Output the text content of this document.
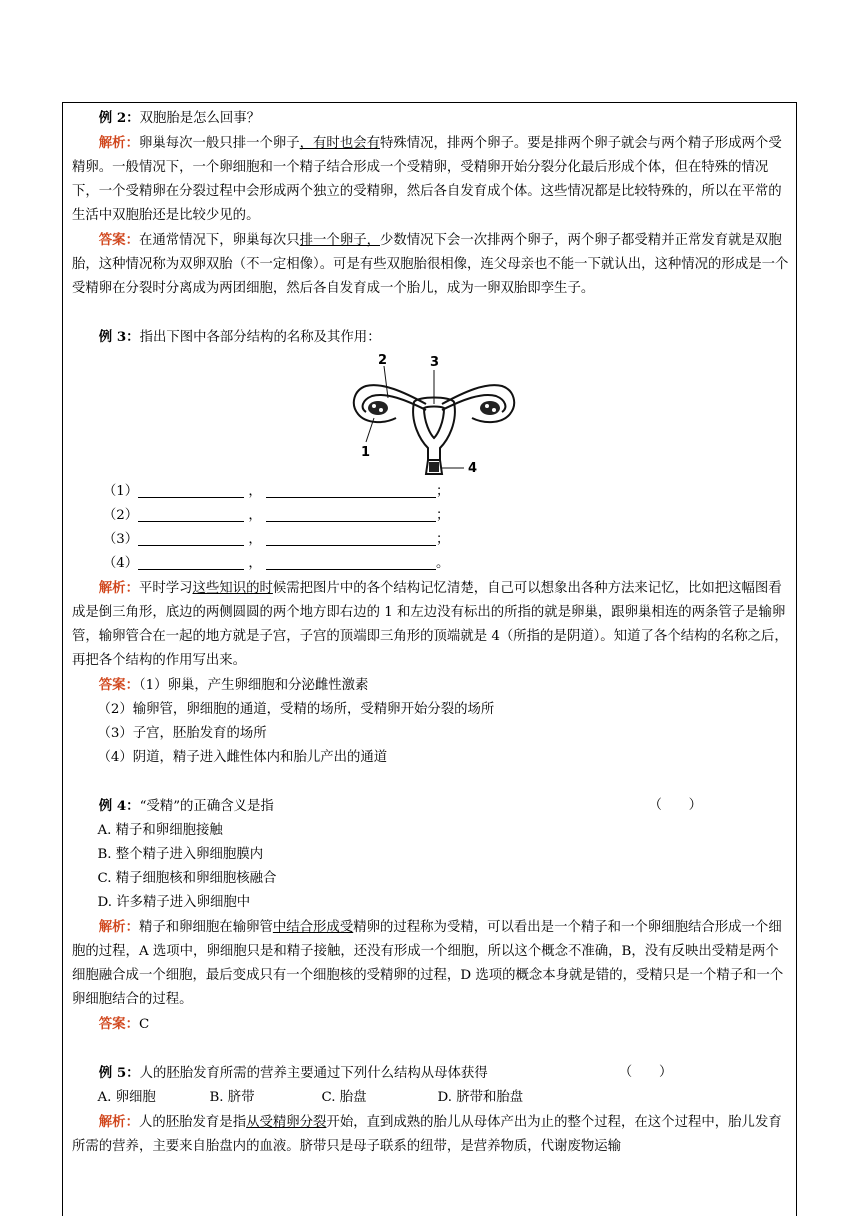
例 2：双胞胎是怎么回事？

解析：卵巢每次一般只排一个卵子，有时也会有特殊情况，排两个卵子。要是排两个卵子就会与两个精子形成两个受精卵。一般情况下，一个卵细胞和一个精子结合形成一个受精卵，受精卵开始分裂分化最后形成个体，但在特殊的情况下，一个受精卵在分裂过程中会形成两个独立的受精卵，然后各自发育成个体。这些情况都是比较特殊的，所以在平常的生活中双胞胎还是比较少见的。

答案：在通常情况下，卵巢每次只排一个卵子，少数情况下会一次排两个卵子，两个卵子都受精并正常发育就是双胞胎，这种情况称为双卵双胎（不一定相像）。可是有些双胞胎很相像，连父母亲也不能一下就认出，这种情况的形成是一个受精卵在分裂时分离成为两团细胞，然后各自发育成一个胎儿，成为一卵双胎即孪生子。

例 3：指出下图中各部分结构的名称及其作用：

1
2	3
4

（1）	，	；

（2）	，	；

（3）	，	；

（4）	，	。

解析：平时学习这些知识的时候需把图片中的各个结构记忆清楚，自己可以想象出各种方法来记忆，比如把这幅图看成是倒三角形，底边的两侧圆圆的两个地方即右边的 1 和左边没有标出的所指的就是卵巢，跟卵巢相连的两条管子是输卵管，输卵管合在一起的地方就是子宫，子宫的顶端即三角形的顶端就是 4（所指的是阴道）。知道了各个结构的名称之后，再把各个结构的作用写出来。

答案：（1）卵巢，产生卵细胞和分泌雌性激素

（2）输卵管，卵细胞的通道，受精的场所，受精卵开始分裂的场所

（3）子宫，胚胎发育的场所

（4）阴道，精子进入雌性体内和胎儿产出的通道

例 4：“受精”的正确含义是指	（　　）

A. 精子和卵细胞接触

B. 整个精子进入卵细胞膜内

C. 精子细胞核和卵细胞核融合

D. 许多精子进入卵细胞中

解析：精子和卵细胞在输卵管中结合形成受精卵的过程称为受精，可以看出是一个精子和一个卵细胞结合形成一个细胞的过程，A 选项中，卵细胞只是和精子接触，还没有形成一个细胞，所以这个概念不准确，B，没有反映出受精是两个细胞融合成一个细胞，最后变成只有一个细胞核的受精卵的过程，D 选项的概念本身就是错的，受精只是一个精子和一个卵细胞结合的过程。

答案：C

例 5：人的胚胎发育所需的营养主要通过下列什么结构从母体获得	（　　）

A. 卵细胞	B. 脐带	C. 胎盘	D. 脐带和胎盘

解析：人的胚胎发育是指从受精卵分裂开始，直到成熟的胎儿从母体产出为止的整个过程，在这个过程中，胎儿发育所需的营养，主要来自胎盘内的血液。脐带只是母子联系的纽带，是营养物质，代谢废物运输
